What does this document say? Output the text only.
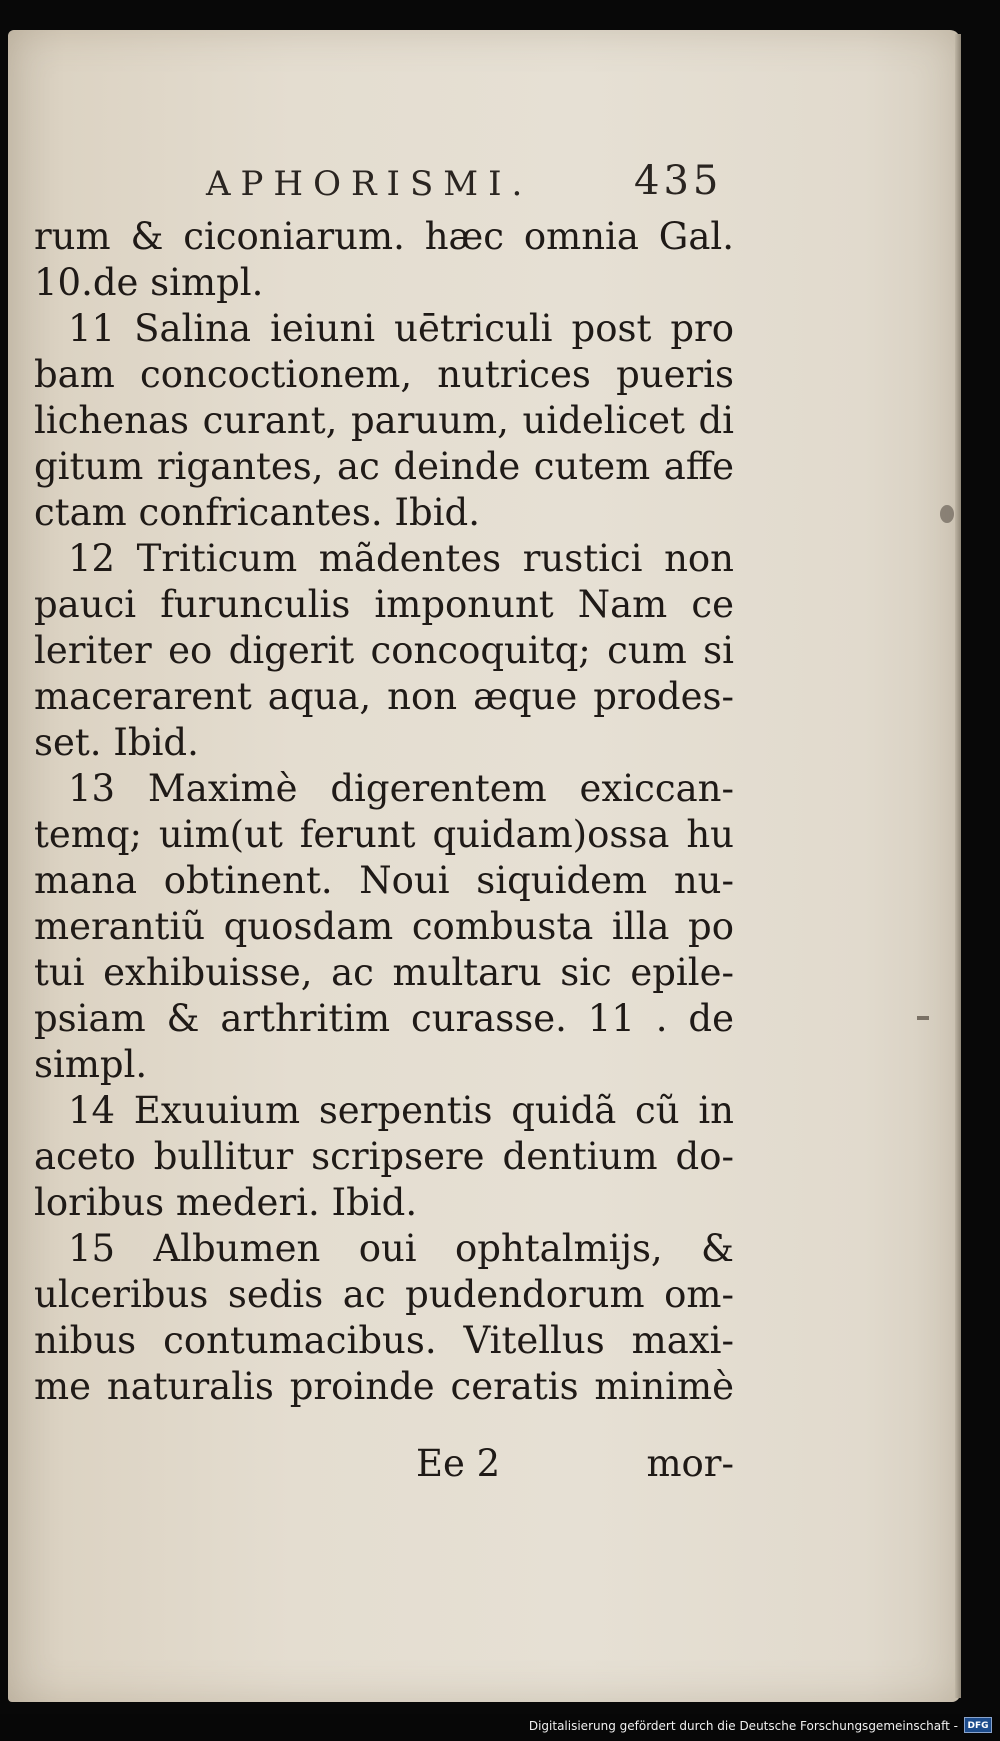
APHORISMI.	435
rum & ciconiarum. hæc omnia Gal.
10.de simpl.
11 Salina ieiuni uētriculi post pro
bam concoctionem, nutrices pueris
lichenas curant, paruum, uidelicet di
gitum rigantes, ac deinde cutem affe
ctam confricantes. Ibid.
12 Triticum mãdentes rustici non
pauci furunculis imponunt Nam ce
leriter eo digerit concoquitq; cum si
macerarent aqua, non æque prodes-
set. Ibid.
13 Maximè digerentem exiccan-
temq; uim(ut ferunt quidam)ossa hu
mana obtinent. Noui siquidem nu-
merantiũ quosdam combusta illa po
tui exhibuisse, ac multaru sic epile-
psiam & arthritim curasse. 11 . de
simpl.
14 Exuuium serpentis quidã cũ in
aceto bullitur scripsere dentium do-
loribus mederi. Ibid.
15 Albumen oui ophtalmijs, &
ulceribus sedis ac pudendorum om-
nibus contumacibus. Vitellus maxi-
me naturalis proinde ceratis minimè
Ee 2	mor-
Digitalisierung gefördert durch die Deutsche Forschungsgemeinschaft -	DFG
